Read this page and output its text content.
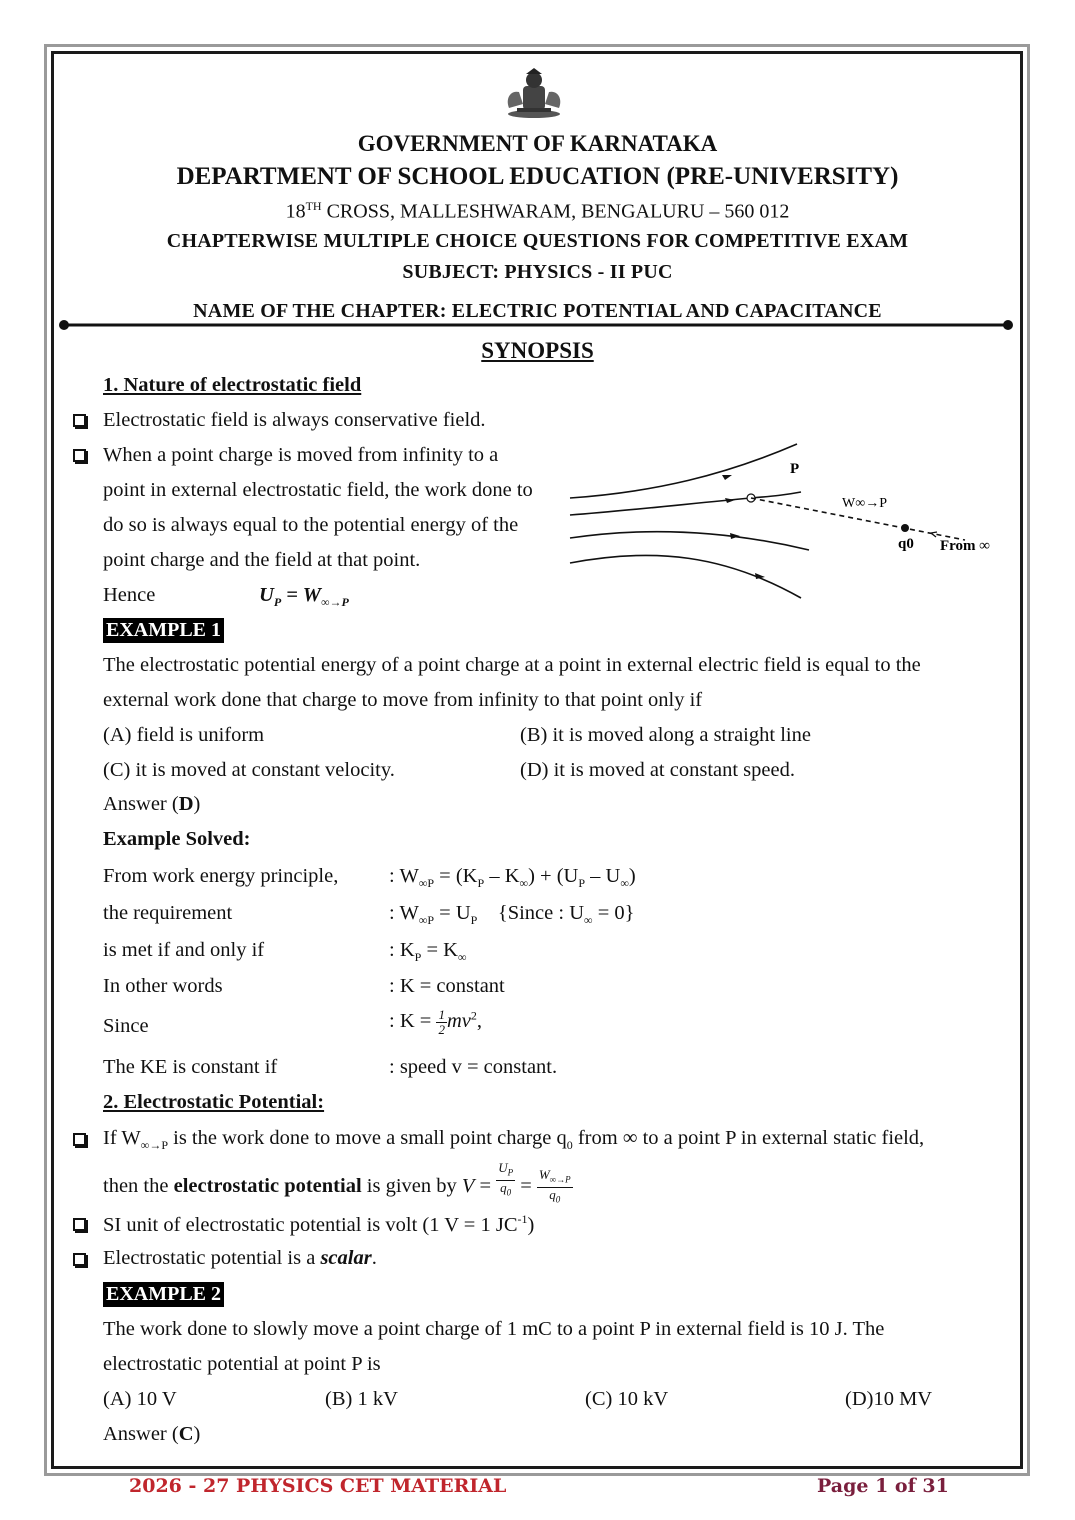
GOVERNMENT OF KARNATAKA
DEPARTMENT OF SCHOOL EDUCATION (PRE-UNIVERSITY)
18TH CROSS, MALLESHWARAM, BENGALURU – 560 012
CHAPTERWISE MULTIPLE CHOICE QUESTIONS FOR COMPETITIVE EXAM
SUBJECT: PHYSICS - II PUC
NAME OF THE CHAPTER: ELECTRIC POTENTIAL AND CAPACITANCE
SYNOPSIS
1. Nature of electrostatic field
Electrostatic field is always conservative field.
When a point charge is moved from infinity to a
point in external electrostatic field, the work done to
do so is always equal to the potential energy of the
point charge and the field at that point.
Hence	$U_P = W_{\infty\to P}$
P
W∞→P
q0 From ∞
EXAMPLE 1
The electrostatic potential energy of a point charge at a point in external electric field is equal to the
external work done that charge to move from infinity to that point only if
(A) field is uniform	(B) it is moved along a straight line
(C) it is moved at constant velocity.	(D) it is moved at constant speed.
Answer (D)
Example Solved:
From work energy principle, : $W_{\infty P} = (K_P - K_\infty) + (U_P - U_\infty)$
the requirement	: $W_{\infty P} = U_P$    {Since : $U_\infty = 0$}
is met if and only if	: $K_P = K_\infty$
In other words	: K = constant
Since	: $K = \frac{1}{2} mv^2$,
The KE is constant if	: speed v = constant.
2. Electrostatic Potential:
If $W_{\infty\to P}$ is the work done to move a small point charge $q_0$ from ∞ to a point P in external static field,
then the electrostatic potential is given by $V = \frac{U_P}{q_0} = \frac{W_{\infty\to P}}{q_0}$
SI unit of electrostatic potential is volt (1 V = 1 $JC^{-1}$)
Electrostatic potential is a scalar.
EXAMPLE 2
The work done to slowly move a point charge of 1 mC to a point P in external field is 10 J. The
electrostatic potential at point P is
(A) 10 V	(B) 1 kV	(C) 10 kV	(D)10 MV
Answer (C)
2026 - 27 PHYSICS CET MATERIAL	Page 1 of 31
